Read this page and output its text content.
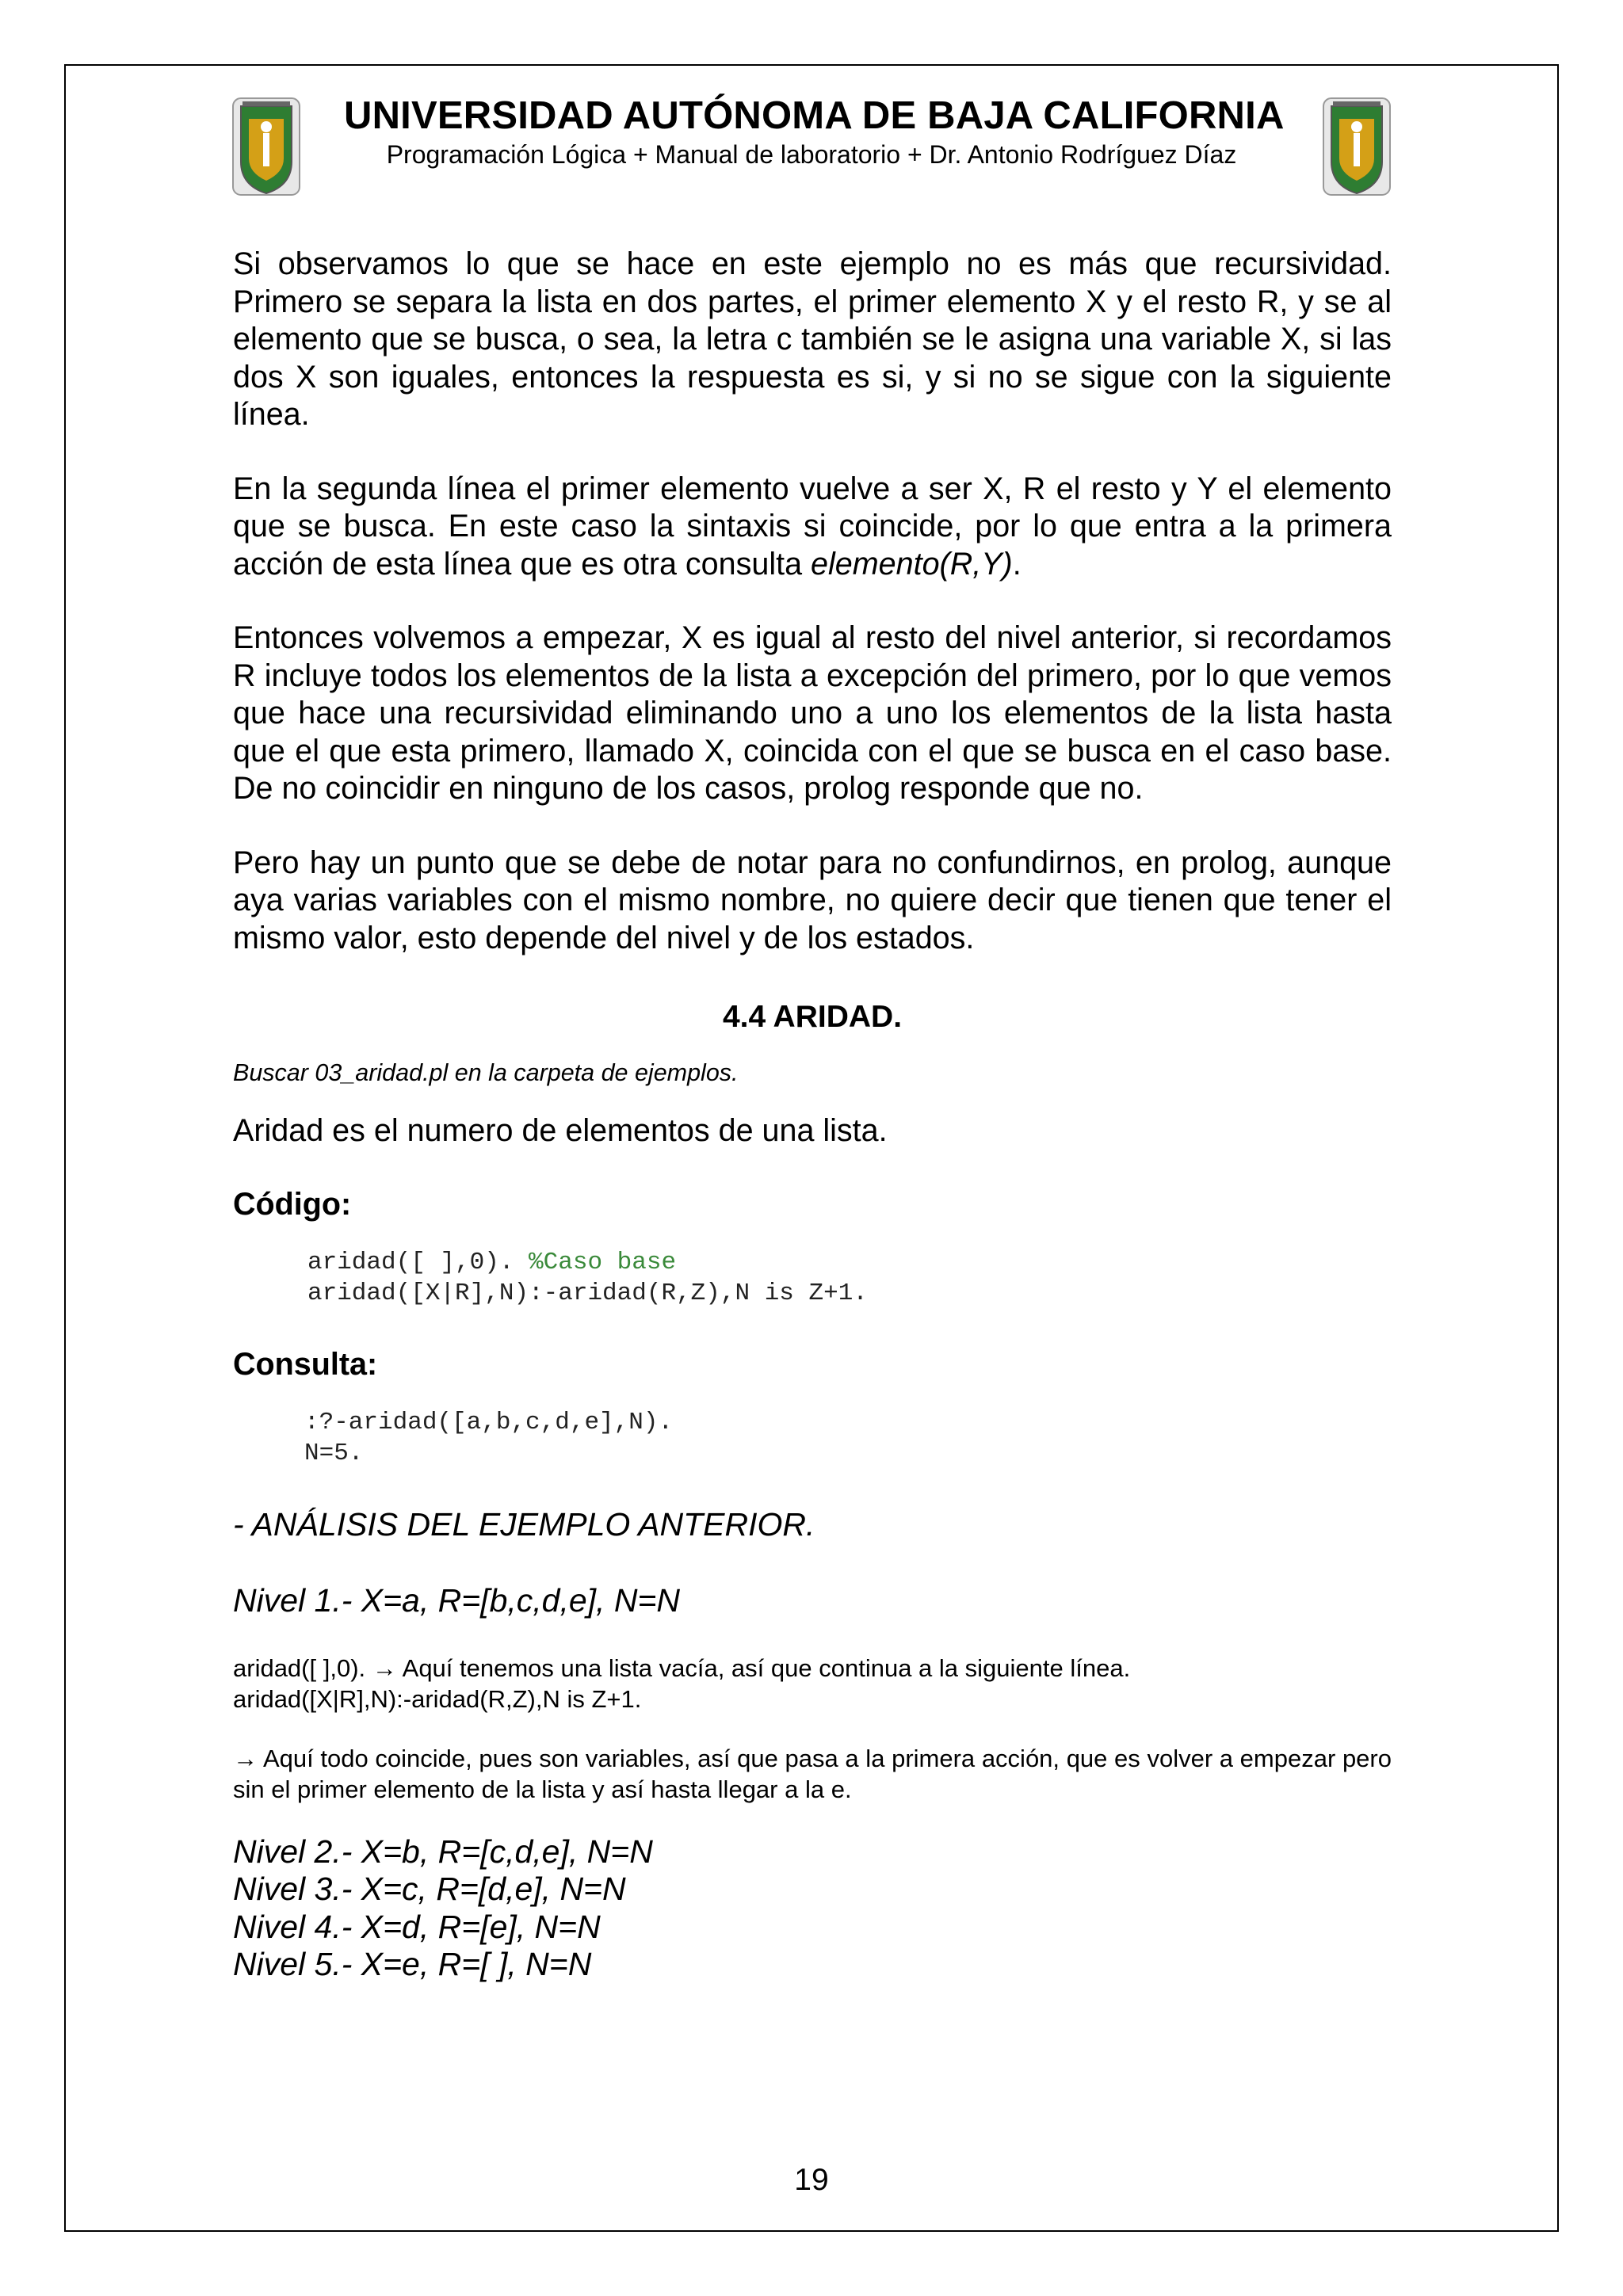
UNIVERSIDAD AUTÓNOMA DE BAJA CALIFORNIA
Programación Lógica + Manual de laboratorio + Dr. Antonio Rodríguez Díaz

Si observamos lo que se hace en este ejemplo no es más que recursividad. Primero se separa la lista en dos partes, el primer elemento X y el resto R, y se al elemento que se busca, o sea, la letra c también se le asigna una variable X, si las dos X son iguales, entonces la respuesta es si, y si no se sigue con la siguiente línea.

En la segunda línea el primer elemento vuelve a ser X, R el resto y Y el elemento que se busca. En este caso la sintaxis si coincide, por lo que entra a la primera acción de esta línea que es otra consulta elemento(R,Y).

Entonces volvemos a empezar, X es igual al resto del nivel anterior, si recordamos R incluye todos los elementos de la lista a excepción del primero, por lo que vemos que hace una recursividad eliminando uno a uno los elementos de la lista hasta que el que esta primero, llamado X, coincida con el que se busca en el caso base. De no coincidir en ninguno de los casos, prolog responde que no.

Pero hay un punto que se debe de notar para no confundirnos, en prolog, aunque aya varias variables con el mismo nombre, no quiere decir que tienen que tener el mismo valor, esto depende del nivel y de los estados.

4.4 ARIDAD.
Buscar 03_aridad.pl en la carpeta de ejemplos.

Aridad es el numero de elementos de una lista.

Código:
aridad([ ],0). %Caso base
aridad([X|R],N):-aridad(R,Z),N is Z+1.
Consulta:
:?-aridad([a,b,c,d,e],N).
N=5.
- ANÁLISIS DEL EJEMPLO ANTERIOR.
Nivel 1.- X=a, R=[b,c,d,e], N=N

aridad([ ],0). → Aquí tenemos una lista vacía, así que continua a la siguiente línea.

aridad([X|R],N):-aridad(R,Z),N is Z+1.

→ Aquí todo coincide, pues son variables, así que pasa a la primera acción, que es volver a empezar pero sin el primer elemento de la lista y así hasta llegar a la e.

Nivel 2.- X=b, R=[c,d,e], N=N
Nivel 3.- X=c, R=[d,e], N=N
Nivel 4.- X=d, R=[e], N=N
Nivel 5.- X=e, R=[ ], N=N
19
